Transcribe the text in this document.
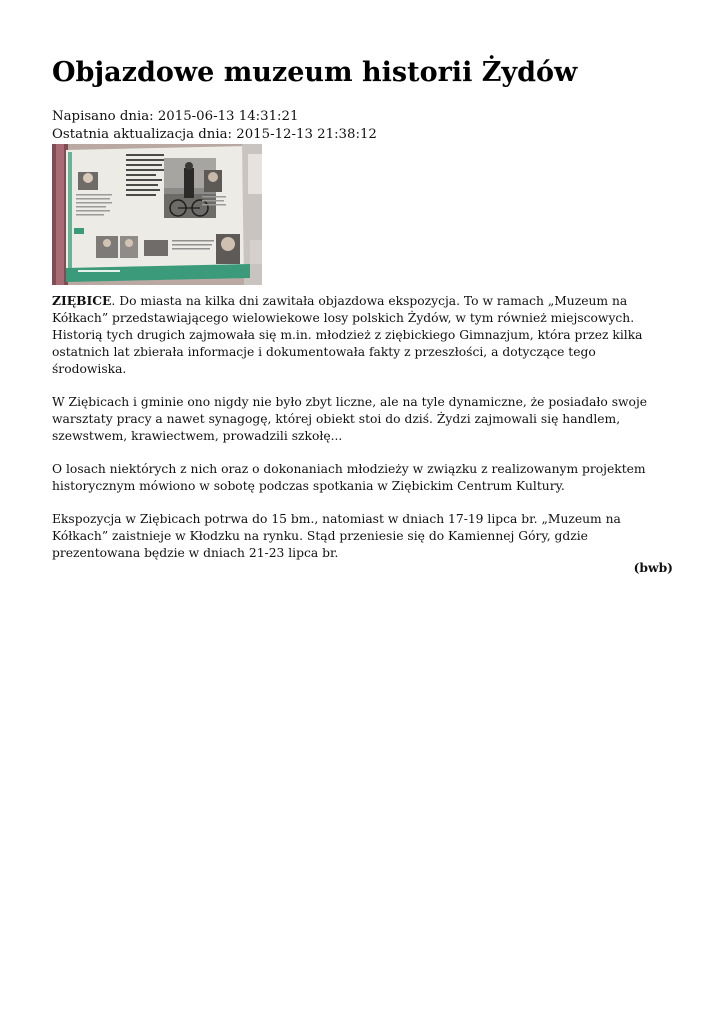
Objazdowe muzeum historii Żydów
Napisano dnia: 2015-06-13 14:31:21
Ostatnia aktualizacja dnia: 2015-12-13 21:38:12

ZIĘBICE. Do miasta na kilka dni zawitała objazdowa ekspozycja. To w ramach „Muzeum na Kółkach” przedstawiającego wielowiekowe losy polskich Żydów, w tym również miejscowych. Historią tych drugich zajmowała się m.in. młodzież z ziębickiego Gimnazjum, która przez kilka ostatnich lat zbierała informacje i dokumentowała fakty z przeszłości, a dotyczące tego środowiska.

W Ziębicach i gminie ono nigdy nie było zbyt liczne, ale na tyle dynamiczne, że posiadało swoje warsztaty pracy a nawet synagogę, której obiekt stoi do dziś. Żydzi zajmowali się handlem, szewstwem, krawiectwem, prowadzili szkołę...

O losach niektórych z nich oraz o dokonaniach młodzieży w związku z realizowanym projektem historycznym mówiono w sobotę podczas spotkania w Ziębickim Centrum Kultury.

Ekspozycja w Ziębicach potrwa do 15 bm., natomiast w dniach 17-19 lipca br. „Muzeum na Kółkach” zaistnieje w Kłodzku na rynku. Stąd przeniesie się do Kamiennej Góry, gdzie prezentowana będzie w dniach 21-23 lipca br.

(bwb)
